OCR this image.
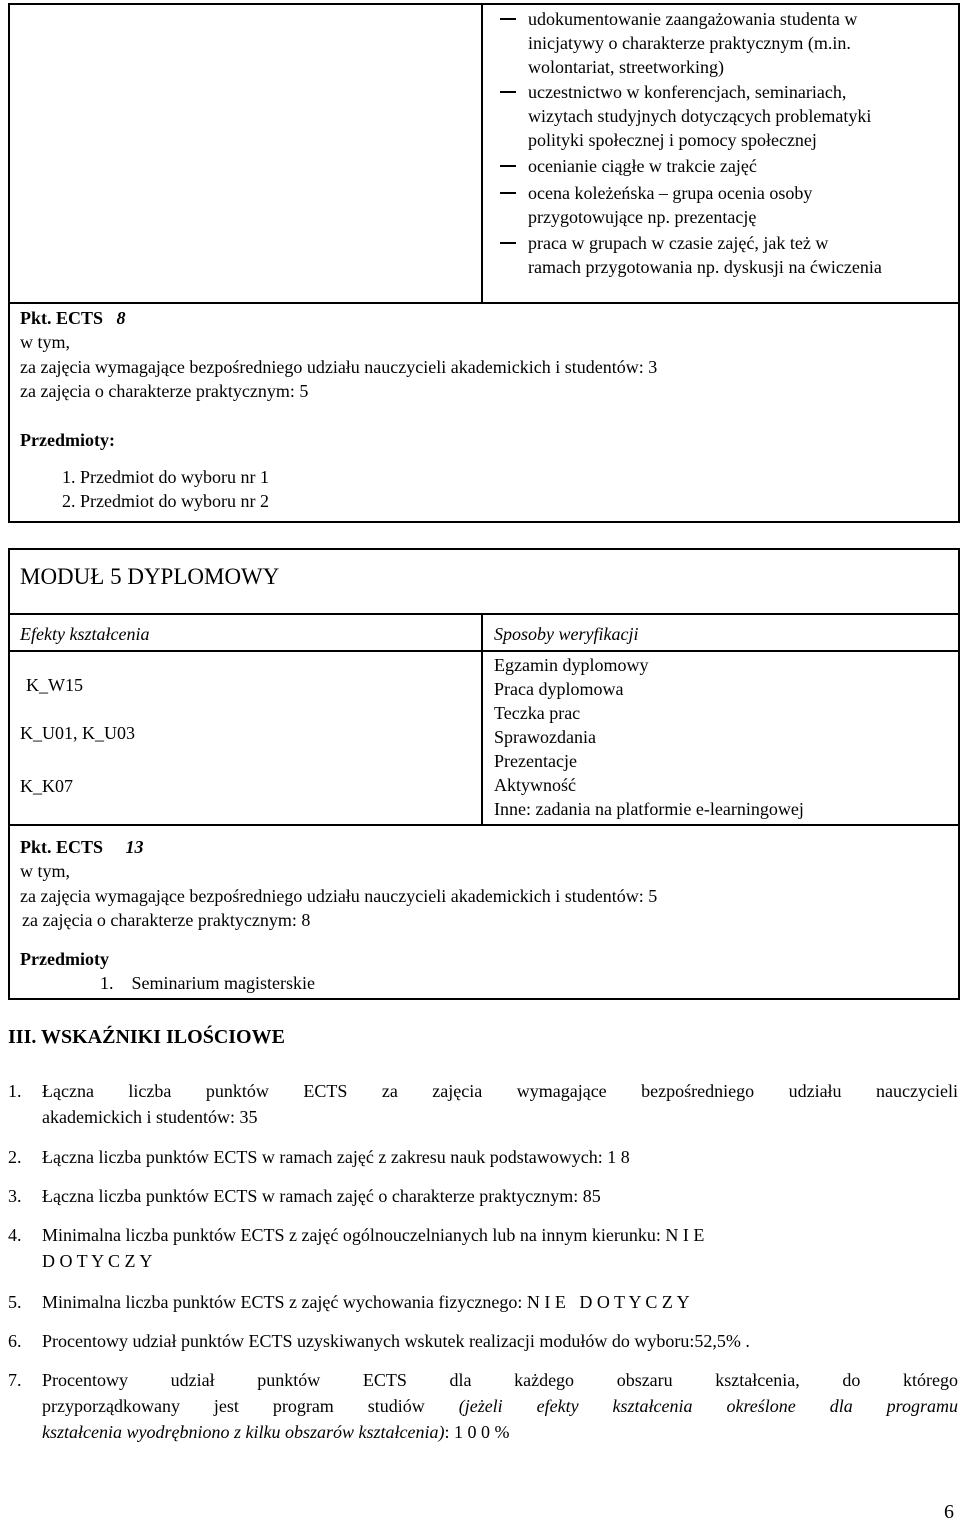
udokumentowanie zaangażowania studenta w
inicjatywy o charakterze praktycznym (m.in.
wolontariat, streetworking)
uczestnictwo w konferencjach, seminariach,
wizytach studyjnych dotyczących problematyki
polityki społecznej i pomocy społecznej
ocenianie ciągłe w trakcie zajęć
ocena koleżeńska – grupa ocenia osoby
przygotowujące np. prezentację
praca w grupach w czasie zajęć, jak też w
ramach przygotowania np. dyskusji na ćwiczenia
Pkt. ECTS 8
w tym,
za zajęcia wymagające bezpośredniego udziału nauczycieli akademickich i studentów: 3
za zajęcia o charakterze praktycznym: 5
Przedmioty:
1. Przedmiot do wyboru nr 1
2. Przedmiot do wyboru nr 2
MODUŁ 5 DYPLOMOWY
Efekty kształcenia	Sposoby weryfikacji
K_W15
K_U01, K_U03
K_K07
Egzamin dyplomowy
Praca dyplomowa
Teczka prac
Sprawozdania
Prezentacje
Aktywność
Inne: zadania na platformie e-learningowej
Pkt. ECTS 13
w tym,
za zajęcia wymagające bezpośredniego udziału nauczycieli akademickich i studentów: 5
za zajęcia o charakterze praktycznym: 8
Przedmioty
1.    Seminarium magisterskie
III. WSKAŹNIKI ILOŚCIOWE
1. Łączna liczba punktów ECTS za zajęcia wymagające bezpośredniego udziału nauczycieli
akademickich i studentów: 35
2. Łączna liczba punktów ECTS w ramach zajęć z zakresu nauk podstawowych: 1 8
3. Łączna liczba punktów ECTS w ramach zajęć o charakterze praktycznym: 85
4. Minimalna liczba punktów ECTS z zajęć ogólnouczelnianych lub na innym kierunku: N I E
D O T Y C Z Y
5. Minimalna liczba punktów ECTS z zajęć wychowania fizycznego: N I E   D O T Y C Z Y
6. Procentowy udział punktów ECTS uzyskiwanych wskutek realizacji modułów do wyboru:52,5% .
7. Procentowy udział punktów ECTS dla każdego obszaru kształcenia, do którego
przyporządkowany jest program studiów (jeżeli efekty kształcenia określone dla programu
kształcenia wyodrębniono z kilku obszarów kształcenia): 1 0 0 %
6
